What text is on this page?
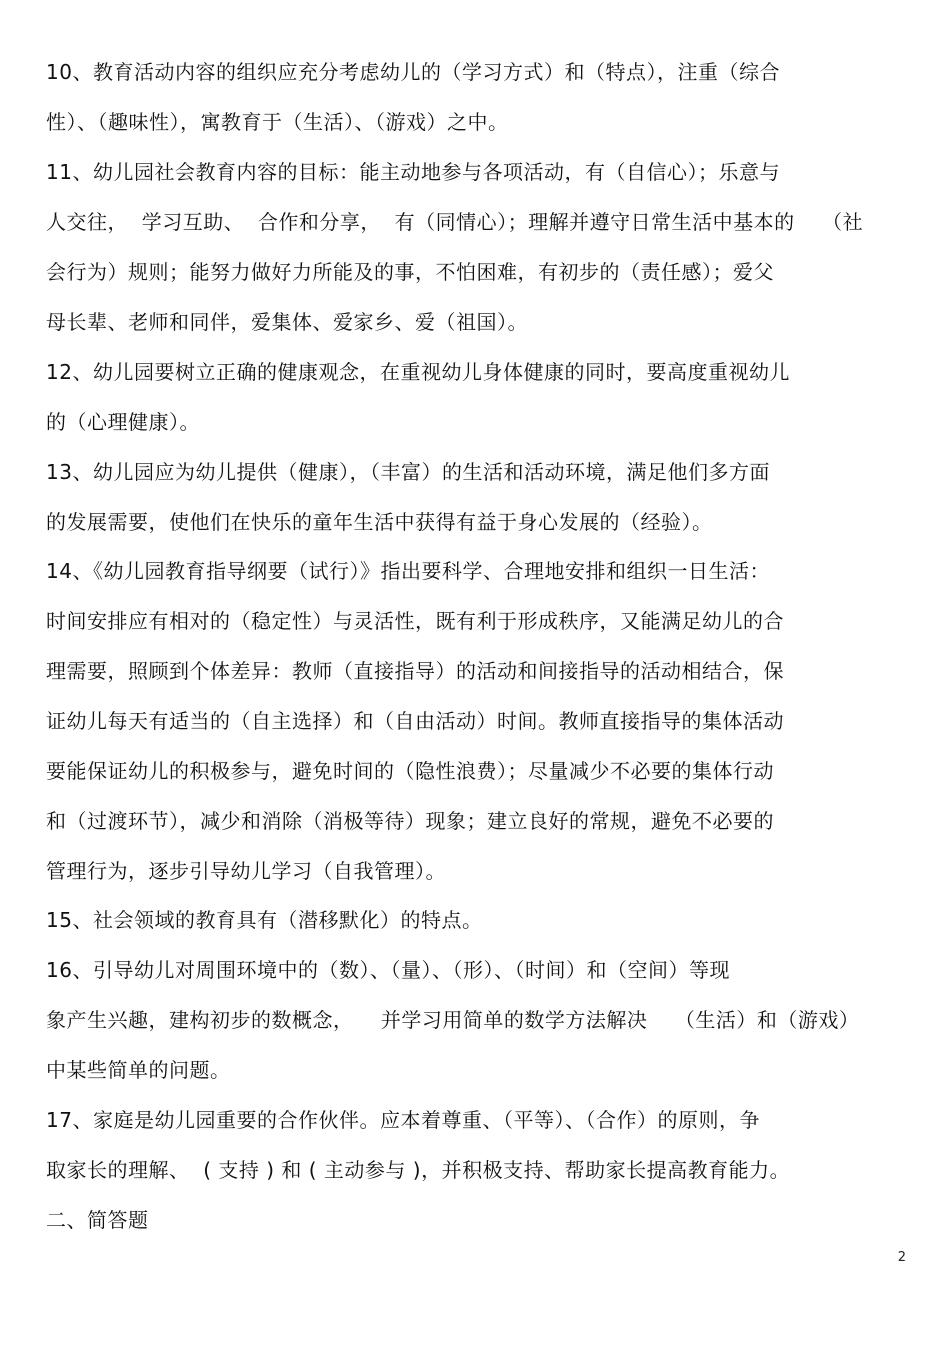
10、教育活动内容的组织应充分考虑幼儿的（学习方式）和（特点），注重（综合
性）、（趣味性），寓教育于（生活）、（游戏）之中。
11、幼儿园社会教育内容的目标：能主动地参与各项活动，有（自信心）；乐意与
人交往，  学习互助、  合作和分享，  有（同情心）；理解并遵守日常生活中基本的    （社
会行为）规则；能努力做好力所能及的事，不怕困难，有初步的（责任感）；爱父
母长辈、老师和同伴，爱集体、爱家乡、爱（祖国）。
12、幼儿园要树立正确的健康观念，在重视幼儿身体健康的同时，要高度重视幼儿
的（心理健康）。
13、幼儿园应为幼儿提供（健康），（丰富）的生活和活动环境，满足他们多方面
的发展需要，使他们在快乐的童年生活中获得有益于身心发展的（经验）。
14、《幼儿园教育指导纲要（试行）》指出要科学、合理地安排和组织一日生活：
时间安排应有相对的（稳定性）与灵活性，既有利于形成秩序，又能满足幼儿的合
理需要，照顾到个体差异：教师（直接指导）的活动和间接指导的活动相结合，保
证幼儿每天有适当的（自主选择）和（自由活动）时间。教师直接指导的集体活动
要能保证幼儿的积极参与，避免时间的（隐性浪费）；尽量减少不必要的集体行动
和（过渡环节），减少和消除（消极等待）现象；建立良好的常规，避免不必要的
管理行为，逐步引导幼儿学习（自我管理）。
15、社会领域的教育具有（潜移默化）的特点。
16、引导幼儿对周围环境中的（数）、（量）、（形）、（时间）和（空间）等现
象产生兴趣，建构初步的数概念，    并学习用简单的数学方法解决    （生活）和（游戏）
中某些简单的问题。
17、家庭是幼儿园重要的合作伙伴。应本着尊重、（平等）、（合作）的原则，争
取家长的理解、  ( 支持 ) 和 ( 主动参与 )，并积极支持、帮助家长提高教育能力。
二、简答题
2
